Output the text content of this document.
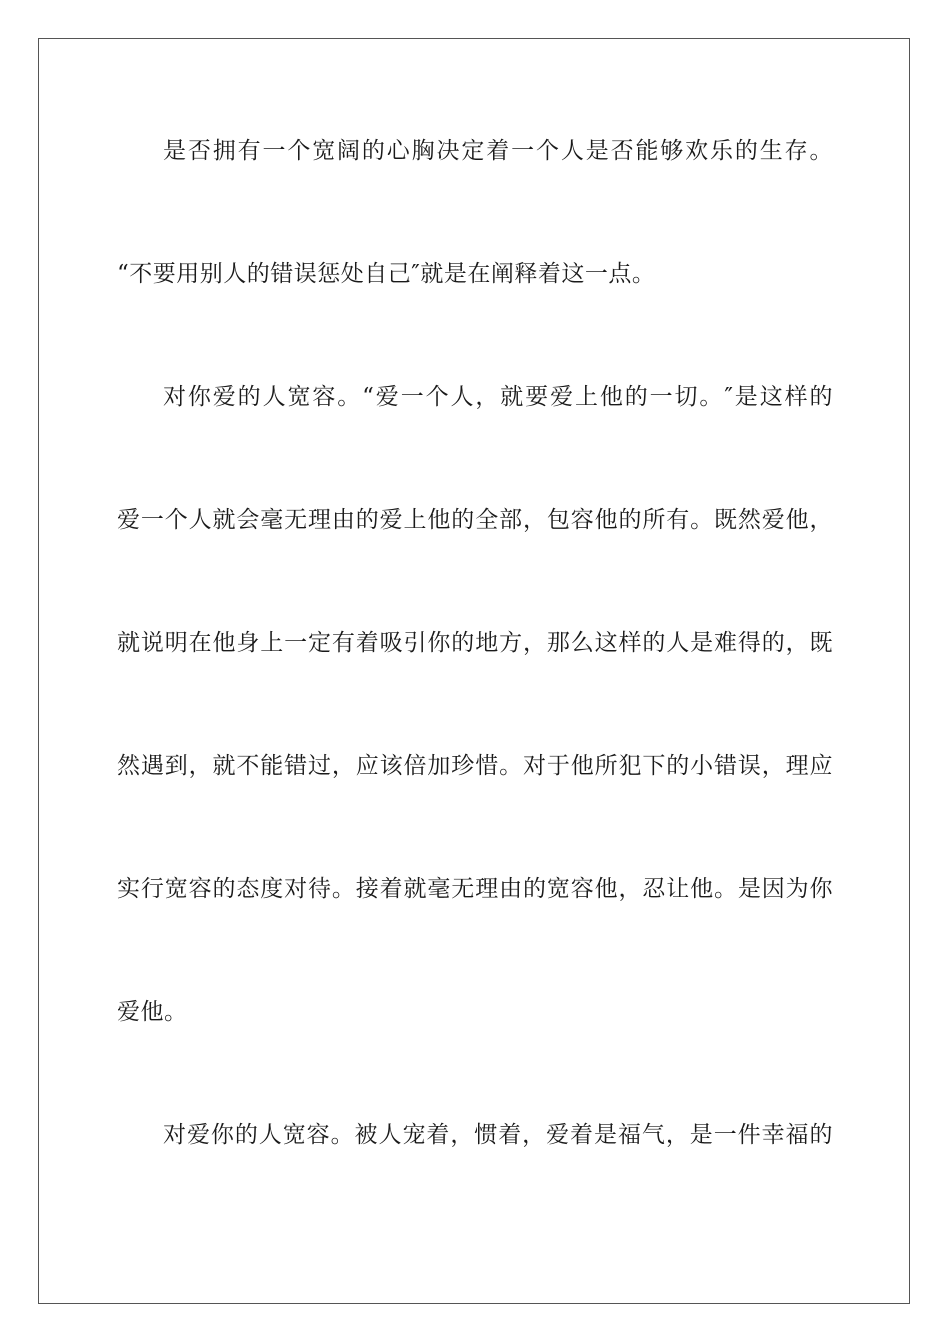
是否拥有一个宽阔的心胸决定着一个人是否能够欢乐的生存。
“不要用别人的错误惩处自己″就是在阐释着这一点。
对你爱的人宽容。“爱一个人，就要爱上他的一切。″是这样的
爱一个人就会毫无理由的爱上他的全部，包容他的所有。既然爱他，
就说明在他身上一定有着吸引你的地方，那么这样的人是难得的，既
然遇到，就不能错过，应该倍加珍惜。对于他所犯下的小错误，理应
实行宽容的态度对待。接着就毫无理由的宽容他，忍让他。是因为你
爱他。
对爱你的人宽容。被人宠着，惯着，爱着是福气，是一件幸福的
